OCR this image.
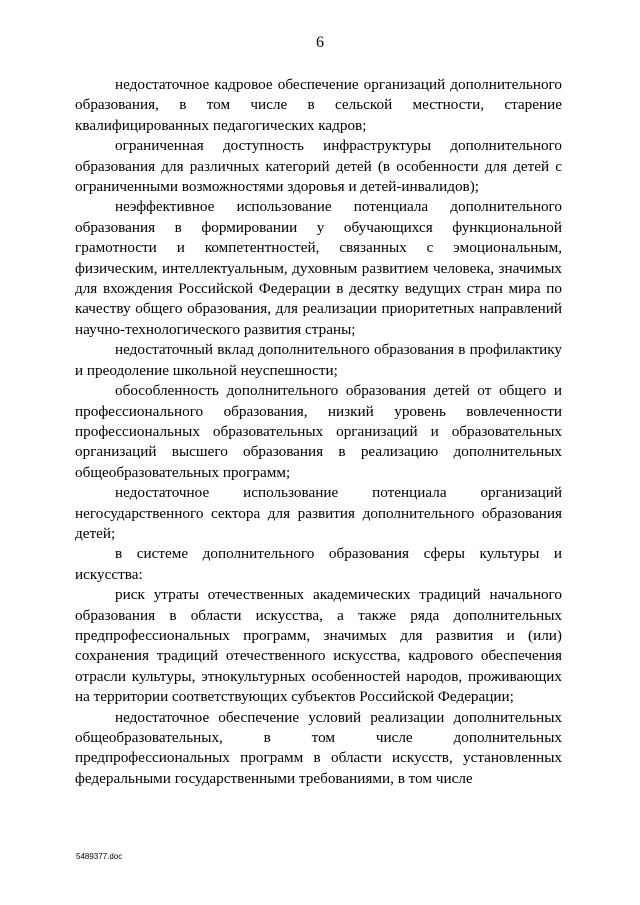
6

недостаточное кадровое обеспечение организаций дополнительного образования, в том числе в сельской местности, старение квалифицированных педагогических кадров;

ограниченная доступность инфраструктуры дополнительного образования для различных категорий детей (в особенности для детей с ограниченными возможностями здоровья и детей-инвалидов);

неэффективное использование потенциала дополнительного образования в формировании у обучающихся функциональной грамотности и компетентностей, связанных с эмоциональным, физическим, интеллектуальным, духовным развитием человека, значимых для вхождения Российской Федерации в десятку ведущих стран мира по качеству общего образования, для реализации приоритетных направлений научно-технологического развития страны;

недостаточный вклад дополнительного образования в профилактику и преодоление школьной неуспешности;

обособленность дополнительного образования детей от общего и профессионального образования, низкий уровень вовлеченности профессиональных образовательных организаций и образовательных организаций высшего образования в реализацию дополнительных общеобразовательных программ;

недостаточное использование потенциала организаций негосударственного сектора для развития дополнительного образования детей;

в системе дополнительного образования сферы культуры и искусства:

риск утраты отечественных академических традиций начального образования в области искусства, а также ряда дополнительных предпрофессиональных программ, значимых для развития и (или) сохранения традиций отечественного искусства, кадрового обеспечения отрасли культуры, этнокультурных особенностей народов, проживающих на территории соответствующих субъектов Российской Федерации;

недостаточное обеспечение условий реализации дополнительных общеобразовательных, в том числе дополнительных предпрофессиональных программ в области искусств, установленных федеральными государственными требованиями, в том числе

5489377.doc
